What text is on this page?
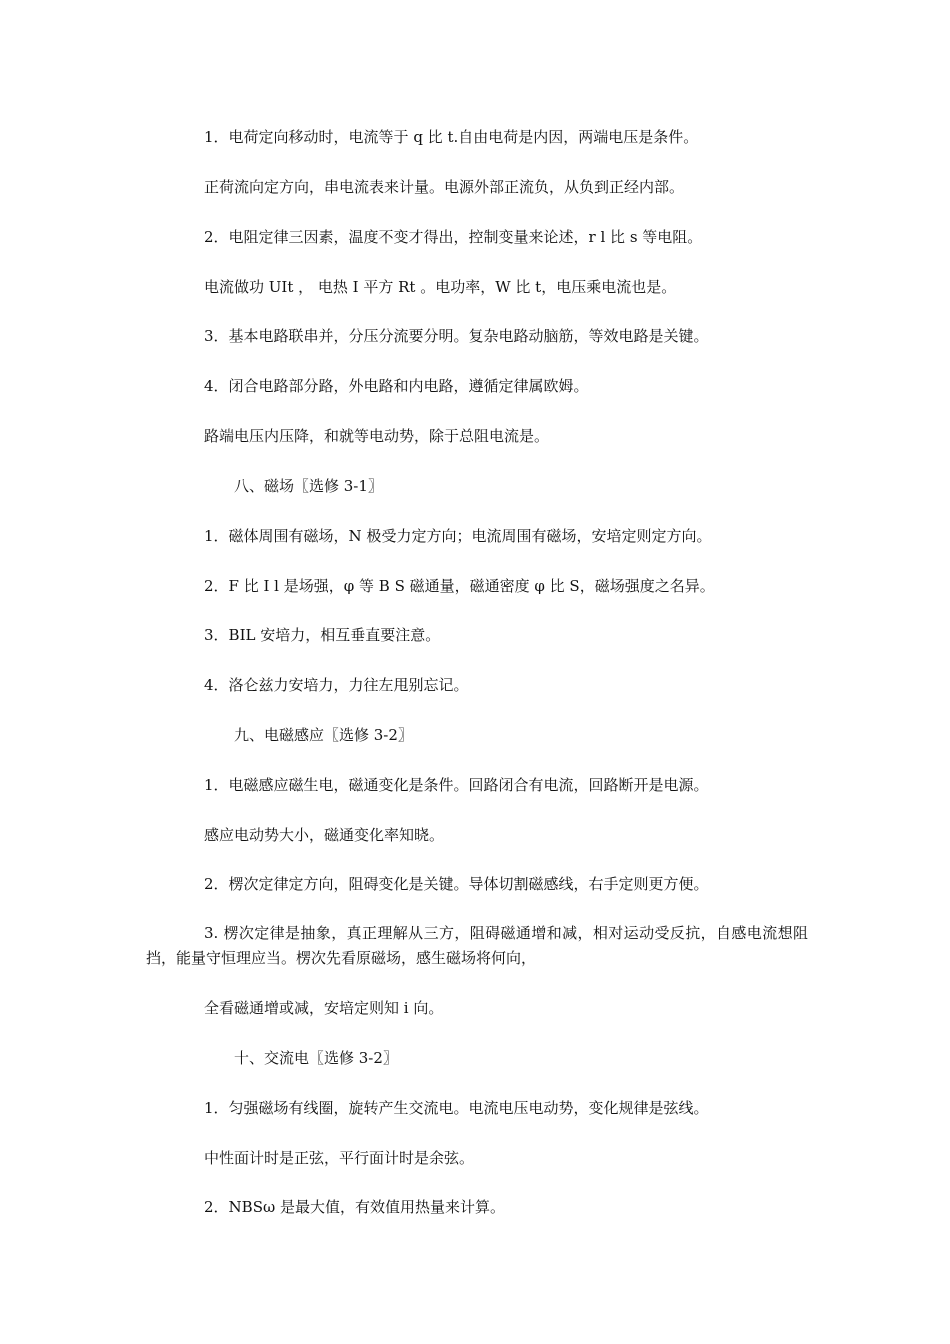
1．电荷定向移动时，电流等于 q 比 t.自由电荷是内因，两端电压是条件。

正荷流向定方向，串电流表来计量。电源外部正流负，从负到正经内部。

2．电阻定律三因素，温度不变才得出，控制变量来论述，r l 比 s 等电阻。

电流做功 UIt ， 电热 I 平方 Rt 。电功率，W 比 t，电压乘电流也是。

3．基本电路联串并，分压分流要分明。复杂电路动脑筋，等效电路是关键。

4．闭合电路部分路，外电路和内电路，遵循定律属欧姆。

路端电压内压降，和就等电动势，除于总阻电流是。

八、磁场〖选修 3-1〗

1．磁体周围有磁场，N 极受力定方向；电流周围有磁场，安培定则定方向。

2．F 比 I l 是场强，φ 等 B S 磁通量，磁通密度 φ 比 S，磁场强度之名异。

3．BIL 安培力，相互垂直要注意。

4．洛仑兹力安培力，力往左甩别忘记。

九、电磁感应〖选修 3-2〗

1．电磁感应磁生电，磁通变化是条件。回路闭合有电流，回路断开是电源。

感应电动势大小，磁通变化率知晓。

2．楞次定律定方向，阻碍变化是关键。导体切割磁感线，右手定则更方便。

3. 楞次定律是抽象，真正理解从三方，阻碍磁通增和减，相对运动受反抗，自感电流想阻挡，能量守恒理应当。楞次先看原磁场，感生磁场将何向，

全看磁通增或减，安培定则知 i 向。

十、交流电〖选修 3-2〗

1．匀强磁场有线圈，旋转产生交流电。电流电压电动势，变化规律是弦线。

中性面计时是正弦，平行面计时是余弦。

2．NBSω 是最大值，有效值用热量来计算。
